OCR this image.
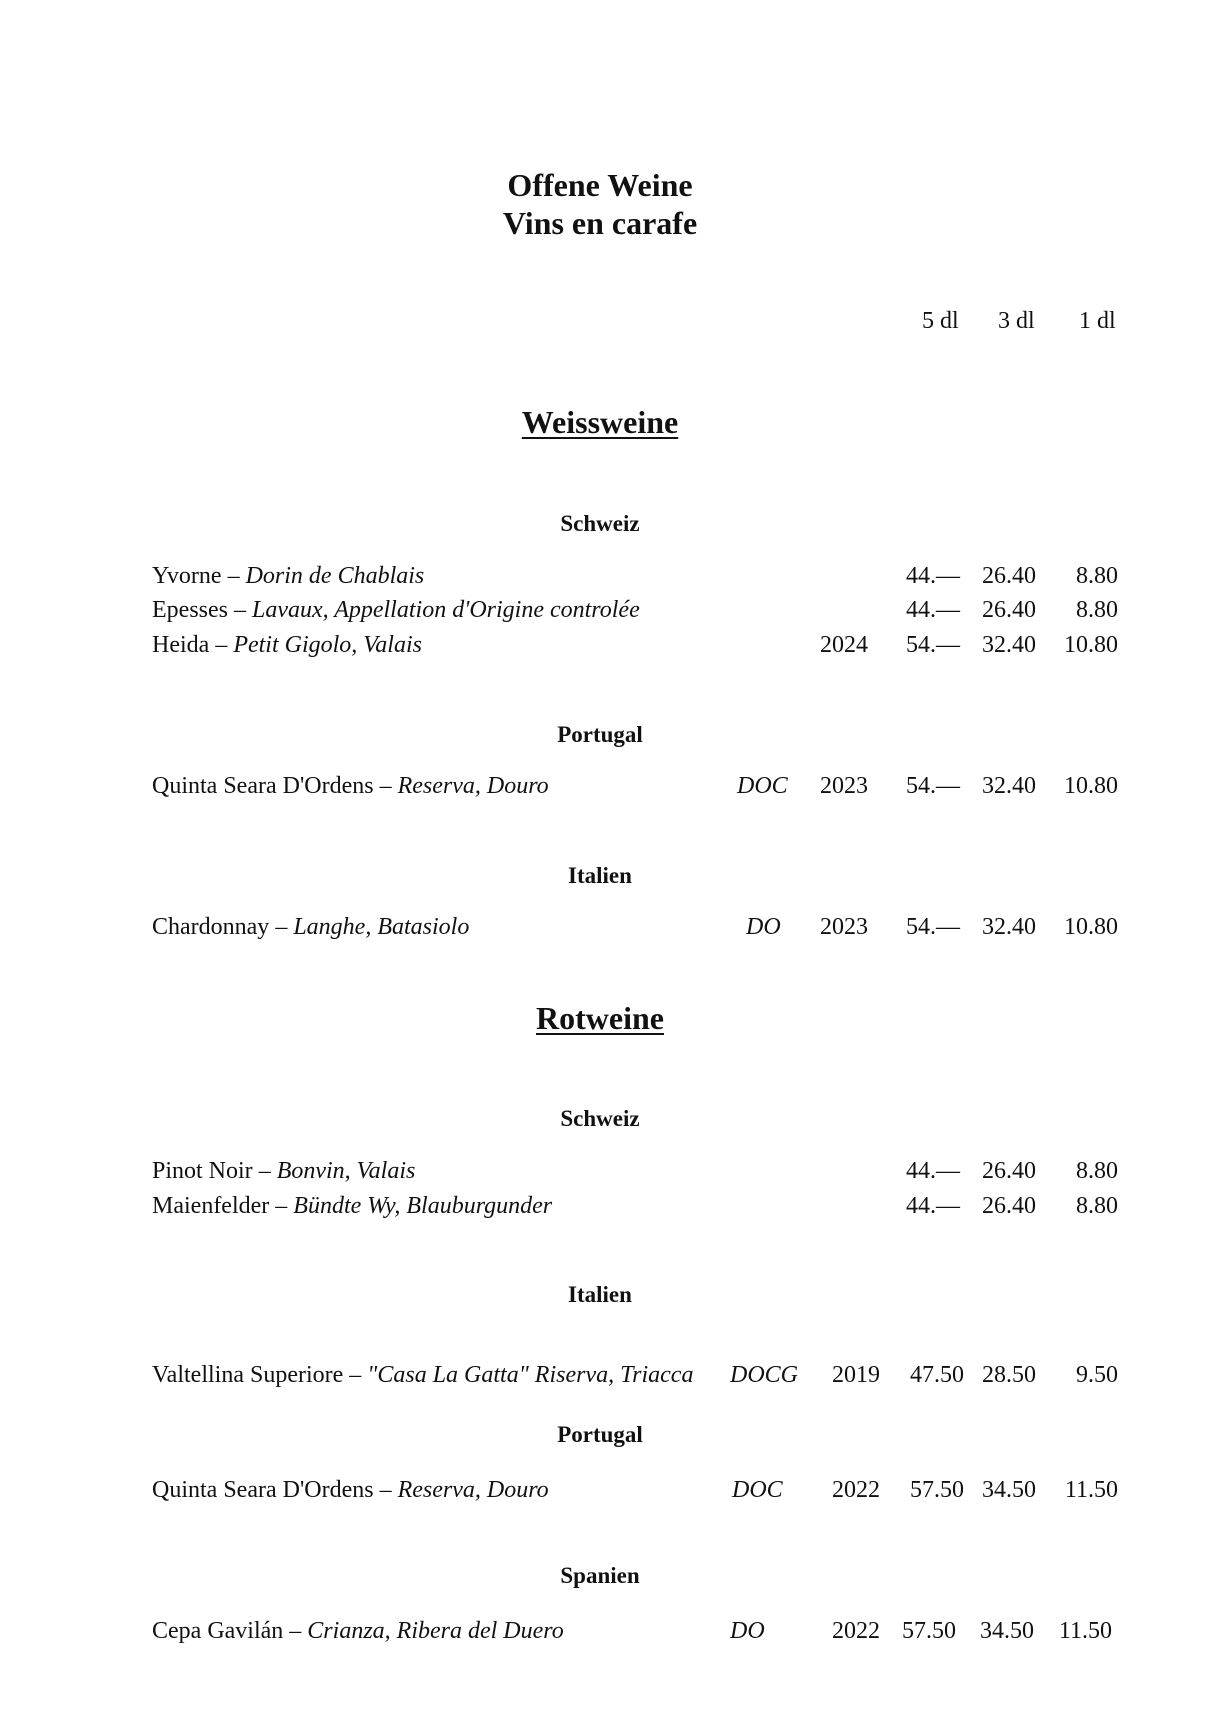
Offene Weine
Vins en carafe
5 dl 3 dl 1 dl
Weissweine
Schweiz
Yvorne – Dorin de Chablais	44.— 26.40 8.80
Epesses – Lavaux, Appellation d'Origine controlée	44.— 26.40 8.80
Heida – Petit Gigolo, Valais	2024 54.— 32.40 10.80
Portugal
Quinta Seara D'Ordens – Reserva, Douro	DOC 2023 54.— 32.40 10.80
Italien
Chardonnay – Langhe, Batasiolo	DO 2023 54.— 32.40 10.80
Rotweine
Schweiz
Pinot Noir – Bonvin, Valais	44.— 26.40 8.80
Maienfelder – Bündte Wy, Blauburgunder	44.— 26.40 8.80
Italien
Valtellina Superiore – "Casa La Gatta" Riserva, Triacca DOCG 2019 47.50 28.50 9.50
Portugal
Quinta Seara D'Ordens – Reserva, Douro	DOC 2022 57.50 34.50 11.50
Spanien
Cepa Gavilán – Crianza, Ribera del Duero	DO	2022 57.50 34.50 11.50
